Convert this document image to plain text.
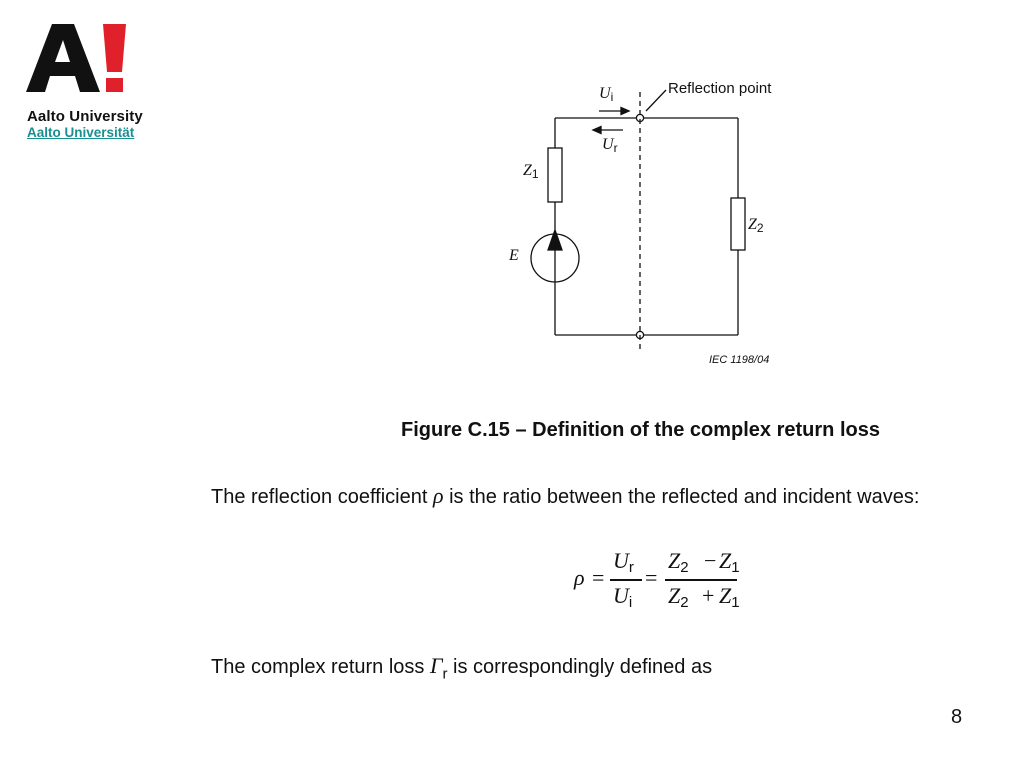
Aalto University
Aalto Universität
$U_i$
$U_r$
$Z_1$
$Z_2$
E
Reflection point
IEC 1198/04
Figure C.15 – Definition of the complex return loss
The reflection coefficient ρ is the ratio between the reflected and incident waves:
ρ =
$U_r$
$U_i$
=
$Z_2 - Z_1$
$Z_2 + Z_1$
The complex return loss $\Gamma_r$ is correspondingly defined as
8
